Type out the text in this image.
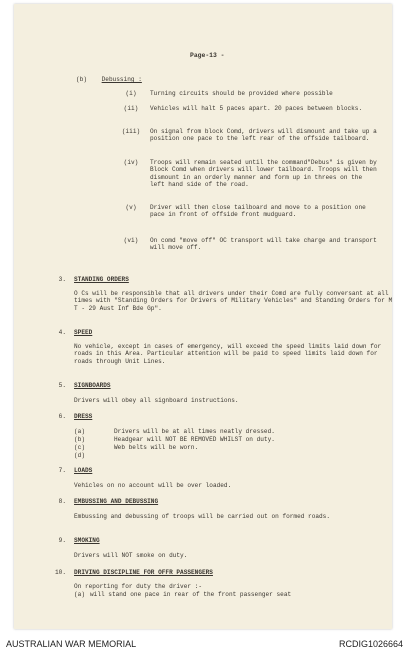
Page-13 -
(b) Debussing :
(i)	Turning circuits should be provided where possible
(ii)	Vehicles will halt 5 paces apart. 20 paces between blocks.
(iii)	On signal from block Comd, drivers will dismount and take up a position one pace to the left rear of the offside tailboard.
(iv)	Troops will remain seated until the command"Debus" is given by Block Comd when drivers will lower tailboard. Troops will then dismount in an orderly manner and form up in threes on the left hand side of the road.
(v)	Driver will then close tailboard and move to a position one pace in front of offside front mudguard.
(vi)	On comd "move off" OC transport will take charge and transport will move off.
3. STANDING ORDERS
O Cs will be responsible that all drivers under their Comd are fully conversant at all times with "Standing Orders for Drivers of Military Vehicles" and Standing Orders for M T - 29 Aust Inf Bde Gp".
4. SPEED
No vehicle, except in cases of emergency, will exceed the speed limits laid down for roads in this Area. Particular attention will be paid to speed limits laid down for roads through Unit Lines.
5. SIGNBOARDS
Drivers will obey all signboard instructions.
6. DRESS
(a)	Drivers will be at all times neatly dressed.
(b)	Headgear will NOT BE REMOVED WHILST on duty.
(c)	Web belts will be worn.
(d)
7. LOADS
Vehicles on no account will be over loaded.
8. EMBUSSING AND DEBUSSING
Embussing and debussing of troops will be carried out on formed roads.
9. SMOKING
Drivers will NOT smoke on duty.
10. DRIVING DISCIPLINE FOR OFFR PASSENGERS
On reporting for duty the driver :-
(a) will stand one pace in rear of the front passenger seat
AUSTRALIAN WAR MEMORIAL	RCDIG1026664
